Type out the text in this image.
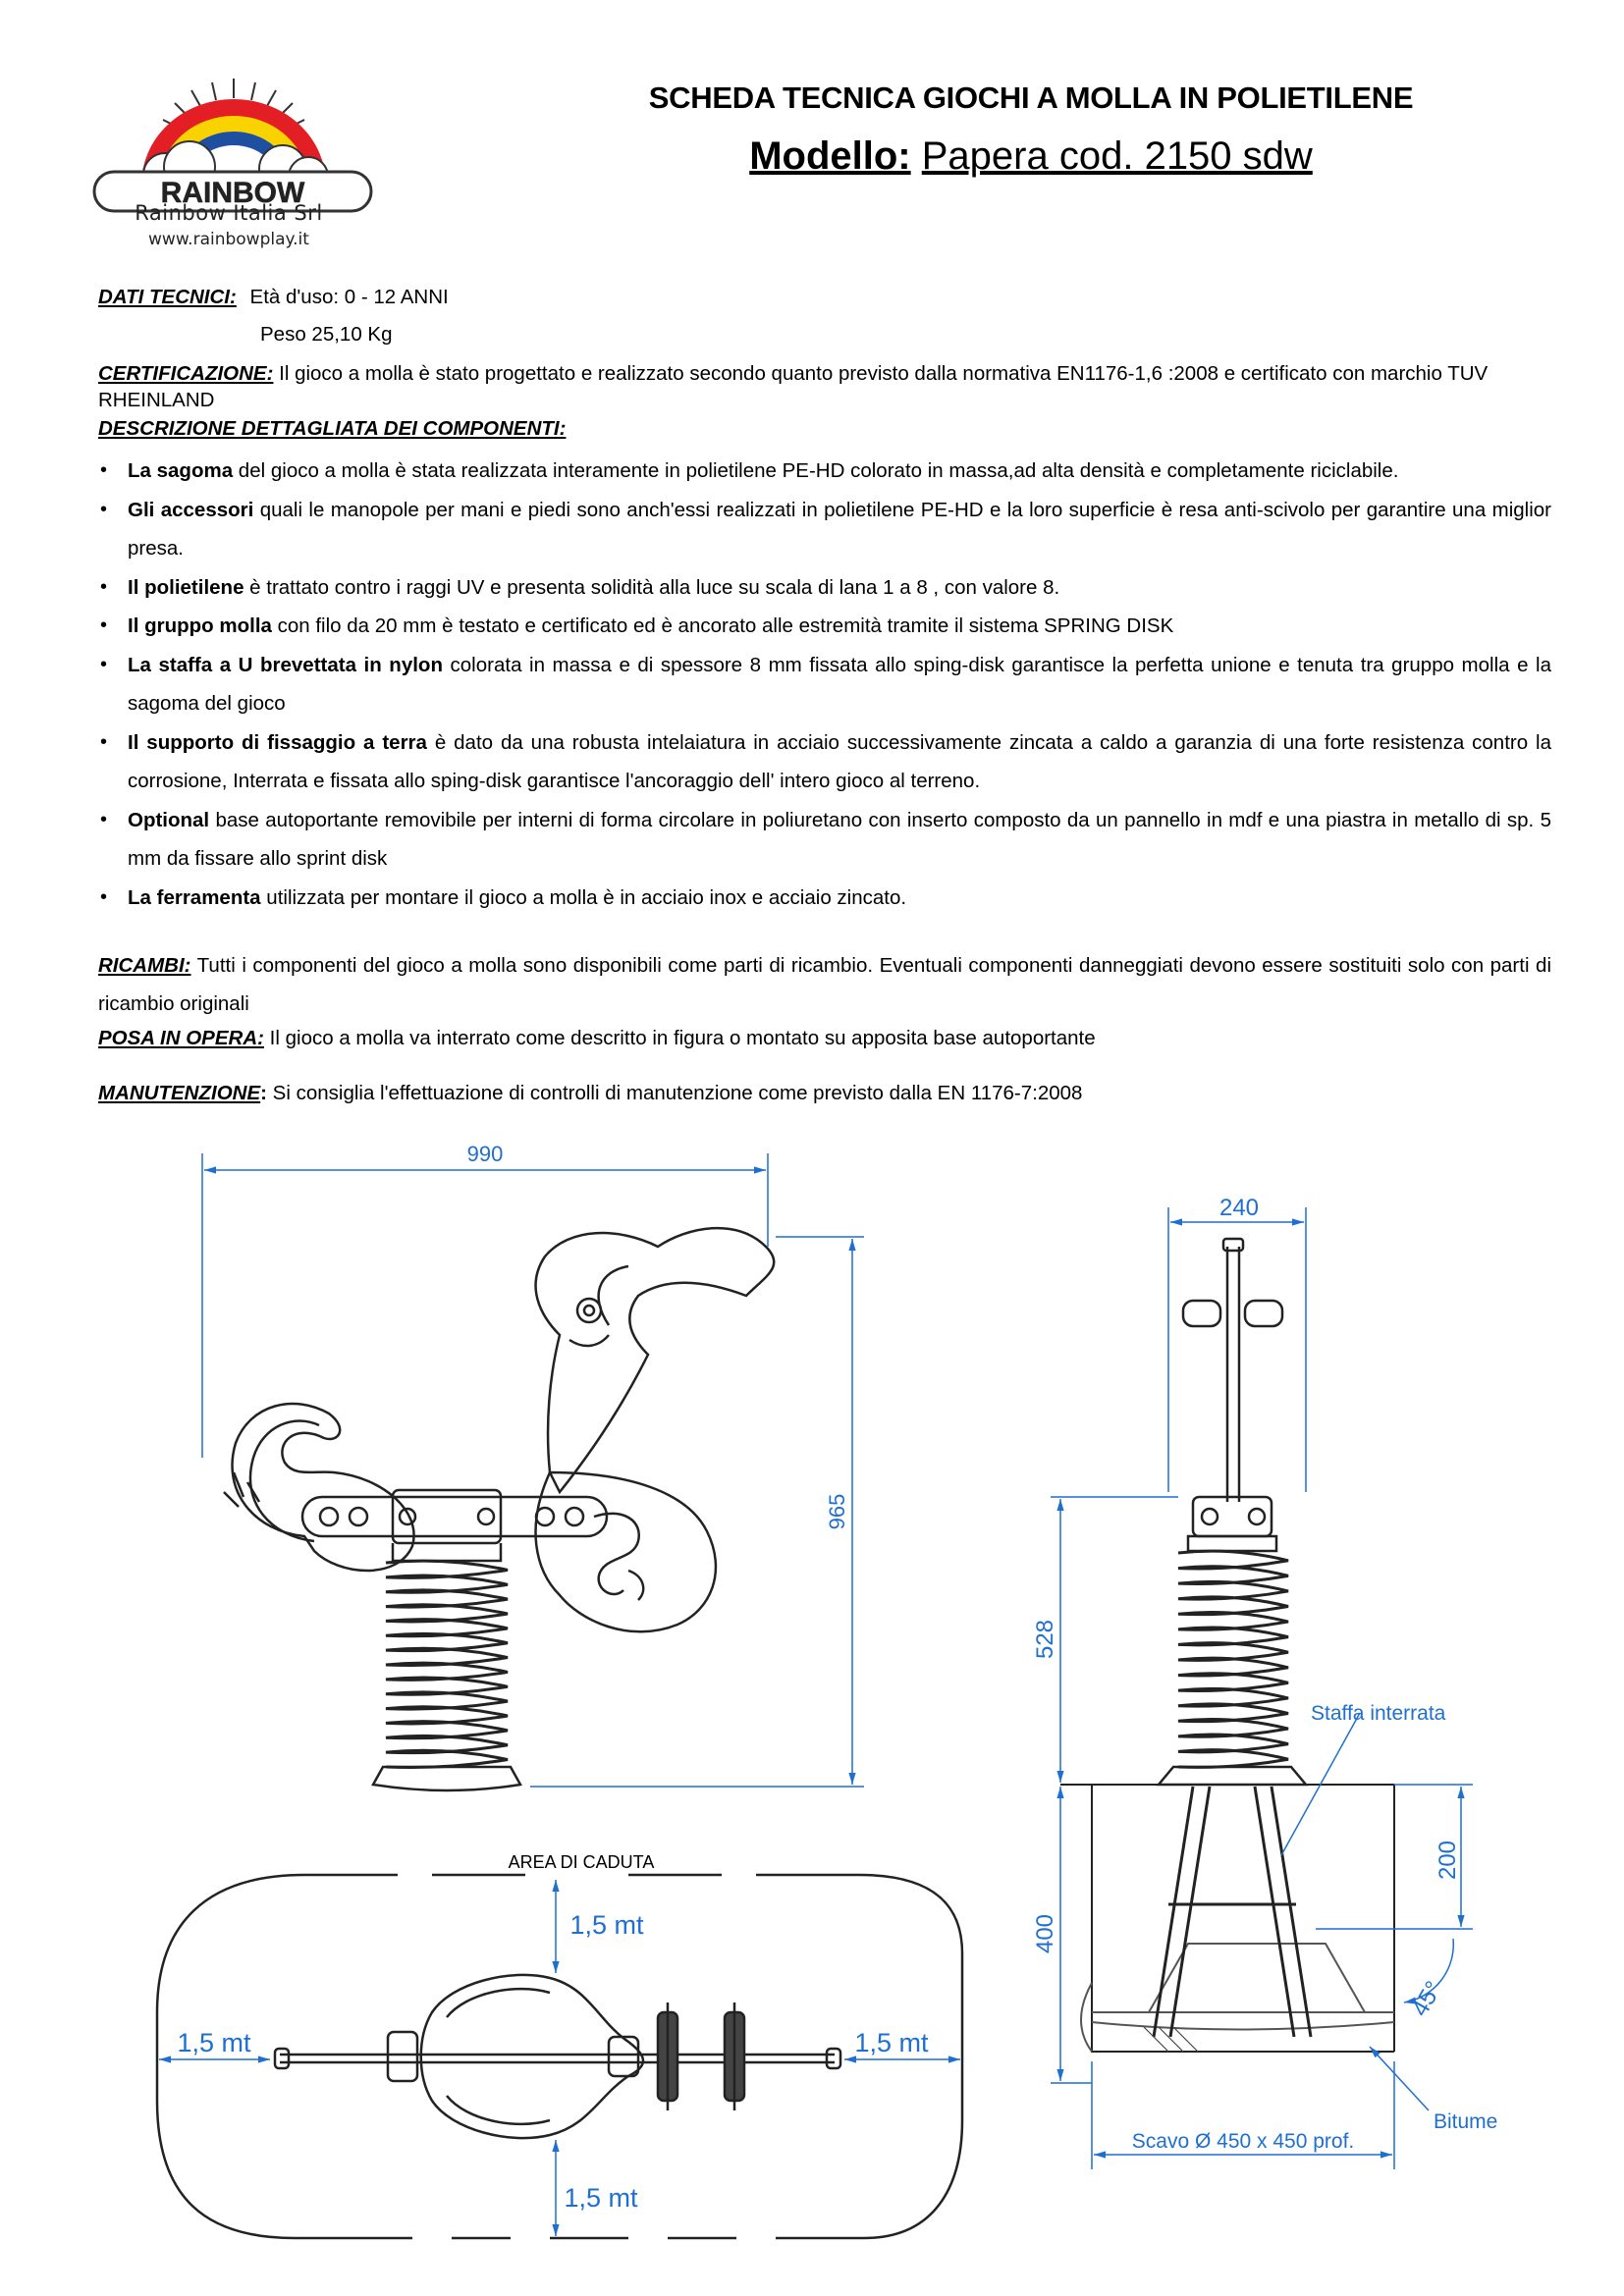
RAINBOW
Rainbow Italia Srl
www.rainbowplay.it
SCHEDA TECNICA GIOCHI A MOLLA IN POLIETILENE
Modello: Papera cod. 2150 sdw
DATI TECNICI: Età d'uso: 0 - 12 ANNI
Peso 25,10 Kg
CERTIFICAZIONE: Il gioco a molla è stato progettato e realizzato secondo quanto previsto dalla normativa EN1176-1,6 :2008 e certificato con marchio TUV RHEINLAND
DESCRIZIONE DETTAGLIATA DEI COMPONENTI:
• La sagoma del gioco a molla è stata realizzata interamente in polietilene PE-HD colorato in massa,ad alta densità e completamente riciclabile.
• Gli accessori quali le manopole per mani e piedi sono anch'essi realizzati in polietilene PE-HD e la loro superficie è resa anti-scivolo per garantire una miglior presa.
• Il polietilene è trattato contro i raggi UV e presenta solidità alla luce su scala di lana 1 a 8 , con valore 8.
• Il gruppo molla con filo da 20 mm è testato e certificato ed è ancorato alle estremità tramite il sistema SPRING DISK
• La staffa a U brevettata in nylon colorata in massa e di spessore 8 mm fissata allo sping-disk garantisce la perfetta unione e tenuta tra gruppo molla e la sagoma del gioco
• Il supporto di fissaggio a terra è dato da una robusta intelaiatura in acciaio successivamente zincata a caldo a garanzia di una forte resistenza contro la corrosione, Interrata e fissata allo sping-disk garantisce l'ancoraggio dell' intero gioco al terreno.
• Optional base autoportante removibile per interni di forma circolare in poliuretano con inserto composto da un pannello in mdf e una piastra in metallo di sp. 5 mm da fissare allo sprint disk
• La ferramenta utilizzata per montare il gioco a molla è in acciaio inox e acciaio zincato.
RICAMBI: Tutti i componenti del gioco a molla sono disponibili come parti di ricambio. Eventuali componenti danneggiati devono essere sostituiti solo con parti di ricambio originali
POSA IN OPERA: Il gioco a molla va interrato come descritto in figura o montato su apposita base autoportante
MANUTENZIONE: Si consiglia l'effettuazione di controlli di manutenzione come previsto dalla EN 1176-7:2008
990
965
240
528
400
200
45°
Staffa interrata
Bitume
Scavo Ø 450 x 450 prof.
AREA DI CADUTA
1,5 mt
1,5 mt	1,5 mt
1,5 mt
